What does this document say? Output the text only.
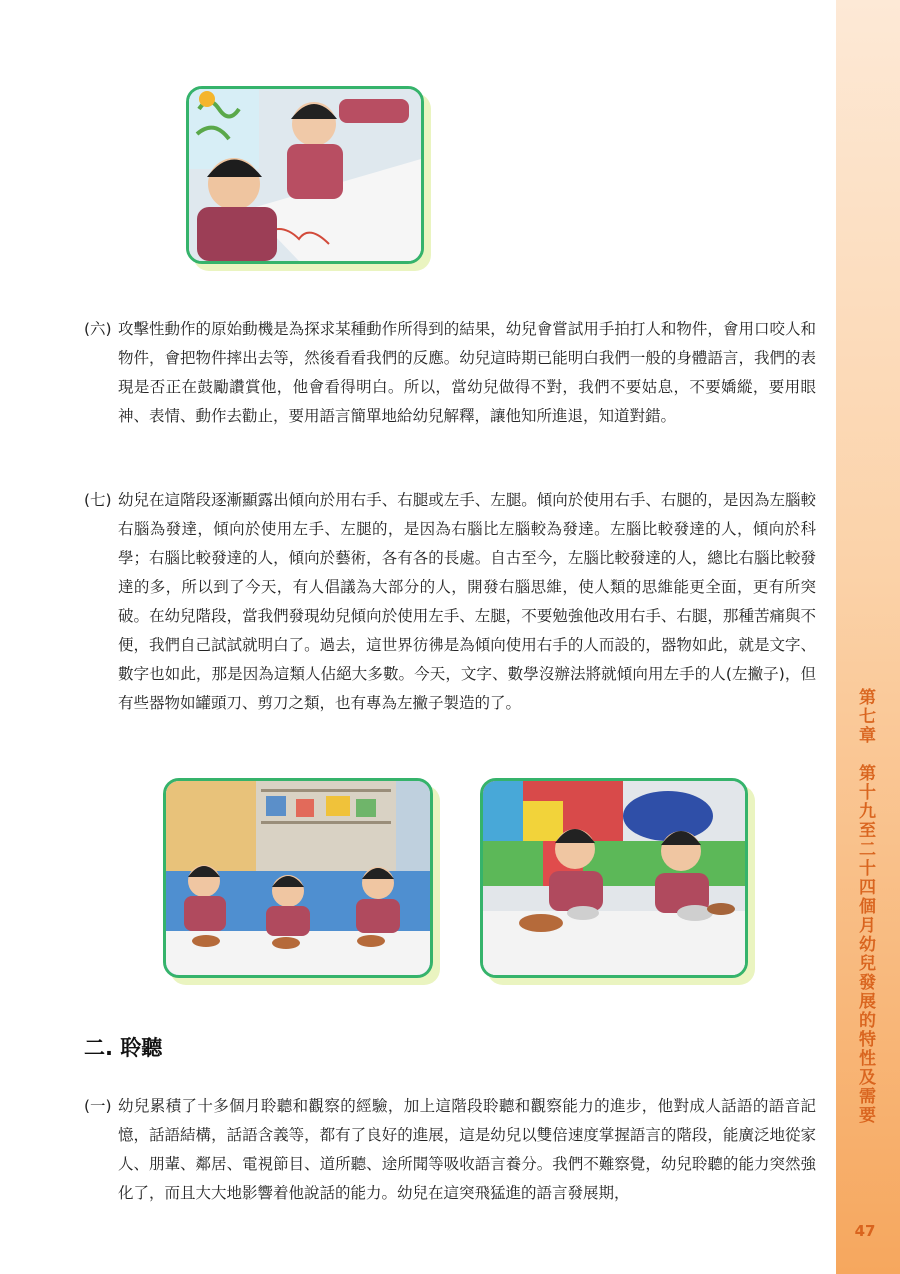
第七章　第十九至二十四個月幼兒發展的特性及需要
47
(六) 攻擊性動作的原始動機是為探求某種動作所得到的結果，幼兒會嘗試用手拍打人和物件，會用口咬人和物件，會把物件摔出去等，然後看看我們的反應。幼兒這時期已能明白我們一般的身體語言，我們的表現是否正在鼓勵讚賞他，他會看得明白。所以，當幼兒做得不對，我們不要姑息，不要嬌縱，要用眼神、表情、動作去勸止，要用語言簡單地給幼兒解釋，讓他知所進退，知道對錯。
(七) 幼兒在這階段逐漸顯露出傾向於用右手、右腿或左手、左腿。傾向於使用右手、右腿的，是因為左腦較右腦為發達，傾向於使用左手、左腿的，是因為右腦比左腦較為發達。左腦比較發達的人，傾向於科學；右腦比較發達的人，傾向於藝術，各有各的長處。自古至今，左腦比較發達的人，總比右腦比較發達的多，所以到了今天，有人倡議為大部分的人，開發右腦思維，使人類的思維能更全面，更有所突破。在幼兒階段，當我們發現幼兒傾向於使用左手、左腿，不要勉強他改用右手、右腿，那種苦痛與不便，我們自己試試就明白了。過去，這世界彷彿是為傾向使用右手的人而設的，器物如此，就是文字、數字也如此，那是因為這類人佔絕大多數。今天，文字、數學沒辦法將就傾向用左手的人(左撇子)，但有些器物如罐頭刀、剪刀之類，也有專為左撇子製造的了。
二. 聆聽
(一) 幼兒累積了十多個月聆聽和觀察的經驗，加上這階段聆聽和觀察能力的進步，他對成人話語的語音記憶，話語結構，話語含義等，都有了良好的進展，這是幼兒以雙倍速度掌握語言的階段，能廣泛地從家人、朋輩、鄰居、電視節目、道所聽、途所聞等吸收語言養分。我們不難察覺，幼兒聆聽的能力突然強化了，而且大大地影響着他說話的能力。幼兒在這突飛猛進的語言發展期，
